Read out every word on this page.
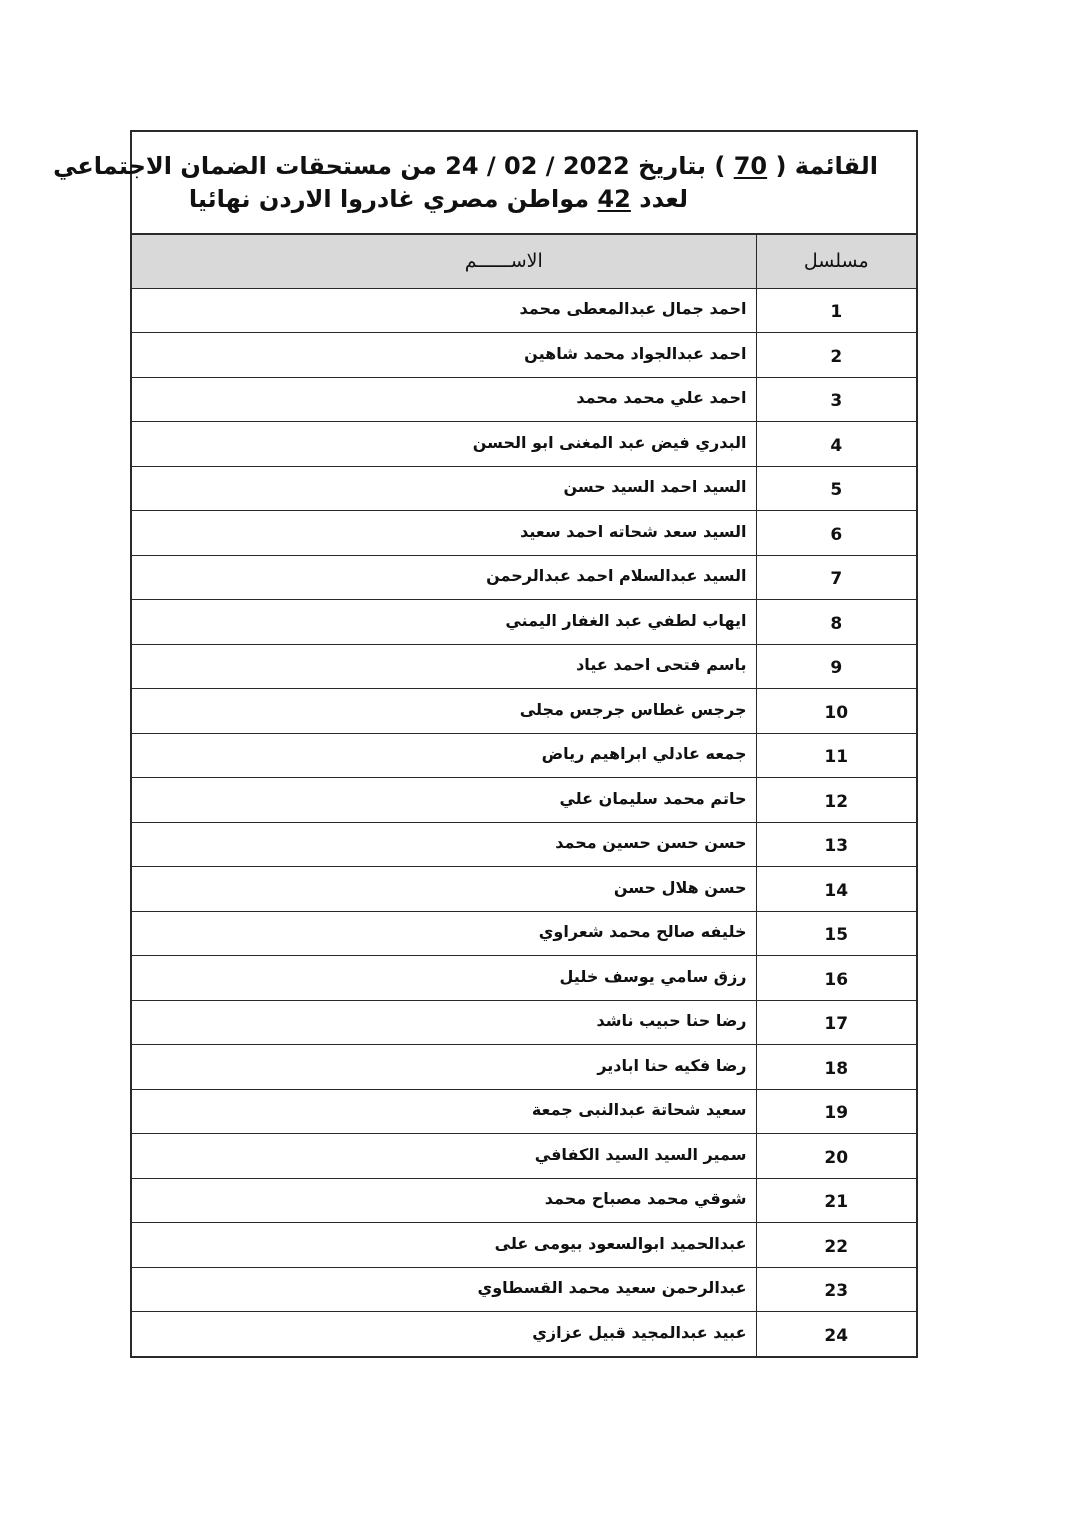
القائمة ( 70 ) بتاريخ 24 / 02 / 2022 من مستحقات الضمان الاجتماعي
لعدد 42 مواطن مصري غادروا الاردن نهائيا
مسلسل	الاســــــم
1	احمد جمال عبدالمعطى محمد
2	احمد عبدالجواد محمد شاهين
3	احمد علي محمد محمد
4	البدري فيض عبد المغنى ابو الحسن
5	السيد احمد السيد حسن
6	السيد سعد شحاته احمد سعيد
7	السيد عبدالسلام احمد عبدالرحمن
8	ايهاب لطفي عبد الغفار اليمني
9	باسم فتحى احمد عياد
10	جرجس غطاس جرجس مجلى
11	جمعه عادلي ابراهيم رياض
12	حاتم محمد سليمان علي
13	حسن حسن حسين محمد
14	حسن هلال حسن
15	خليفه صالح محمد شعراوي
16	رزق سامي يوسف خليل
17	رضا حنا حبيب ناشد
18	رضا فكيه حنا ابادير
19	سعيد شحاتة عبدالنبى جمعة
20	سمير السيد السيد الكفافي
21	شوقي محمد مصباح محمد
22	عبدالحميد ابوالسعود بيومى على
23	عبدالرحمن سعيد محمد القسطاوي
24	عبيد عبدالمجيد قبيل عزازي
